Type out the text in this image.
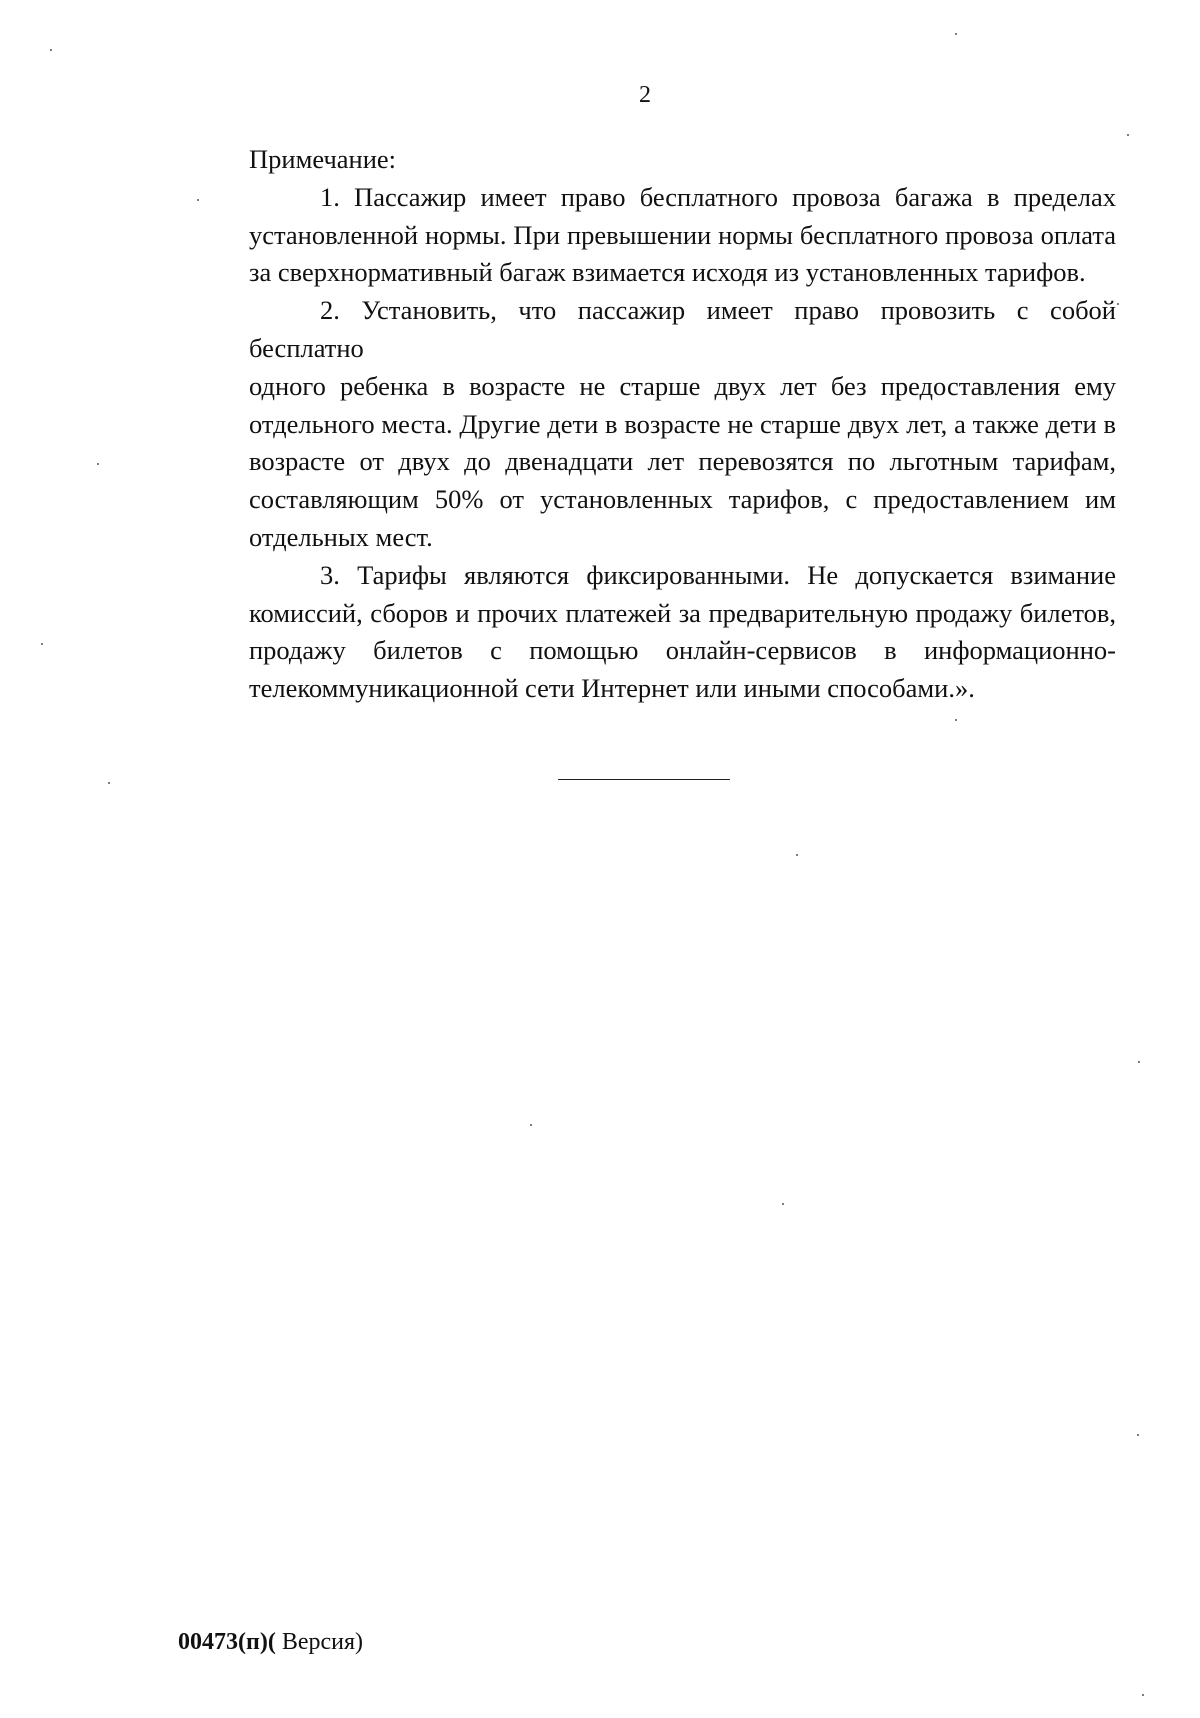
2

Примечание:

1. Пассажир имеет право бесплатного провоза багажа в пределах
установленной нормы. При превышении нормы бесплатного провоза оплата
за сверхнормативный багаж взимается исходя из установленных тарифов.
2. Установить, что пассажир имеет право провозить с собой бесплатно
одного ребенка в возрасте не старше двух лет без предоставления ему
отдельного места. Другие дети в возрасте не старше двух лет, а также дети в
возрасте от двух до двенадцати лет перевозятся по льготным тарифам,
составляющим 50% от установленных тарифов, с предоставлением им
отдельных мест.
3. Тарифы являются фиксированными. Не допускается взимание
комиссий, сборов и прочих платежей за предварительную продажу билетов,
продажу билетов с помощью онлайн-сервисов в информационно-
телекоммуникационной сети Интернет или иными способами.».
00473(п)( Версия)
